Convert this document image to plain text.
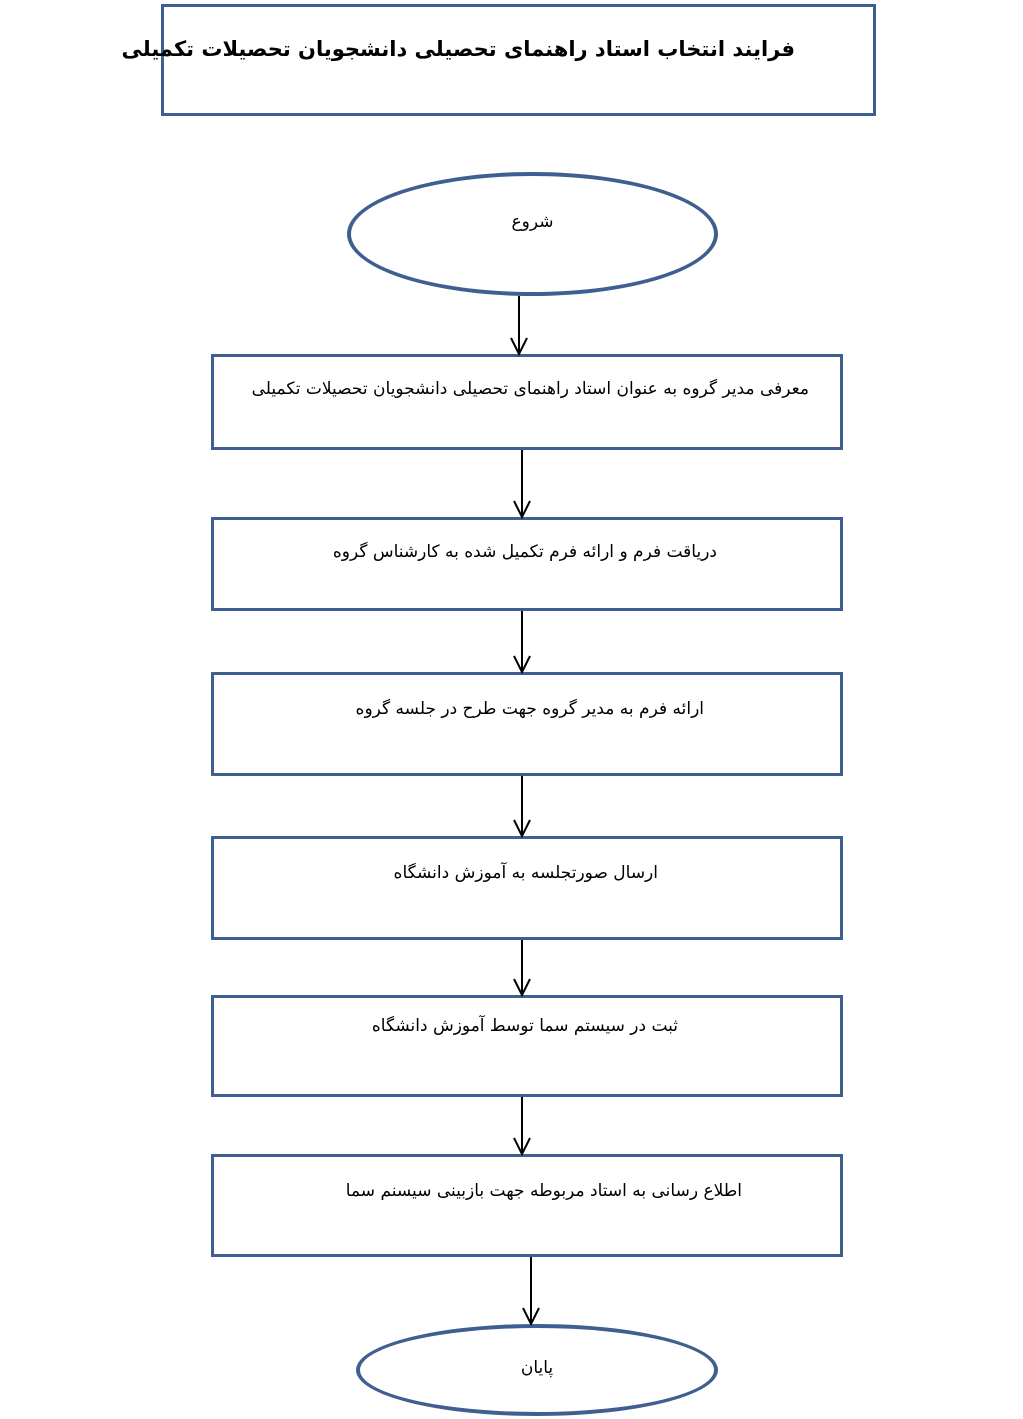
فرایند انتخاب استاد راهنمای تحصیلی دانشجویان تحصیلات تکمیلی
شروع
معرفی مدیر گروه به عنوان استاد راهنمای تحصیلی دانشجویان تحصیلات تکمیلی
دریاقت فرم و ارائه فرم تکمیل شده به کارشناس گروه
ارائه فرم به مدیر گروه جهت طرح در جلسه گروه
ارسال صورتجلسه به آموزش دانشگاه
ثبت در سیستم سما توسط آموزش دانشگاه
اطلاع رسانی به استاد مربوطه جهت بازبینی سیسنم سما
پایان
